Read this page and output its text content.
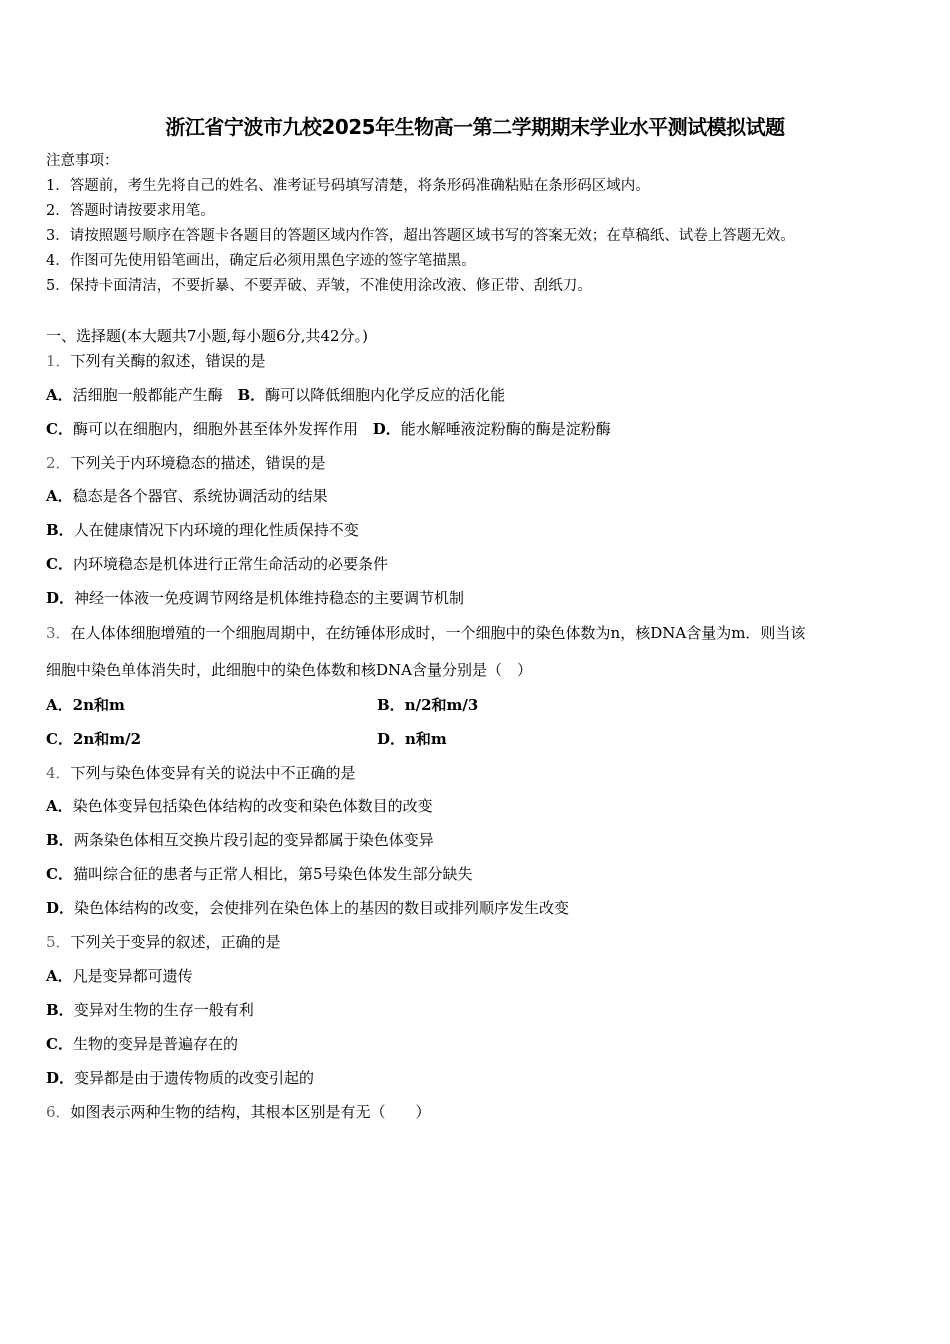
浙江省宁波市九校2025年生物高一第二学期期末学业水平测试模拟试题
注意事项：
1．答题前，考生先将自己的姓名、准考证号码填写清楚，将条形码准确粘贴在条形码区域内。
2．答题时请按要求用笔。
3．请按照题号顺序在答题卡各题目的答题区域内作答，超出答题区域书写的答案无效；在草稿纸、试卷上答题无效。
4．作图可先使用铅笔画出，确定后必须用黑色字迹的签字笔描黑。
5．保持卡面清洁，不要折暴、不要弄破、弄皱，不准使用涂改液、修正带、刮纸刀。
一、选择题(本大题共7小题,每小题6分,共42分。)
1．下列有关酶的叙述，错误的是
A．活细胞一般都能产生酶 B．酶可以降低细胞内化学反应的活化能
C．酶可以在细胞内，细胞外甚至体外发挥作用 D．能水解唾液淀粉酶的酶是淀粉酶
2．下列关于内环境稳态的描述，错误的是
A．稳态是各个器官、系统协调活动的结果
B．人在健康情况下内环境的理化性质保持不变
C．内环境稳态是机体进行正常生命活动的必要条件
D．神经一体液一免疫调节网络是机体维持稳态的主要调节机制
3．在人体体细胞增殖的一个细胞周期中，在纺锤体形成时，一个细胞中的染色体数为n，核DNA含量为m．则当该
细胞中染色单体消失时，此细胞中的染色体数和核DNA含量分别是（　）
A．2n和m	B．n/2和m/3
C．2n和m/2	D．n和m
4．下列与染色体变异有关的说法中不正确的是
A．染色体变异包括染色体结构的改变和染色体数目的改变
B．两条染色体相互交换片段引起的变异都属于染色体变异
C．猫叫综合征的患者与正常人相比，第5号染色体发生部分缺失
D．染色体结构的改变，会使排列在染色体上的基因的数目或排列顺序发生改变
5．下列关于变异的叙述，正确的是
A．凡是变异都可遗传
B．变异对生物的生存一般有利
C．生物的变异是普遍存在的
D．变异都是由于遗传物质的改变引起的
6．如图表示两种生物的结构，其根本区别是有无（　　）
